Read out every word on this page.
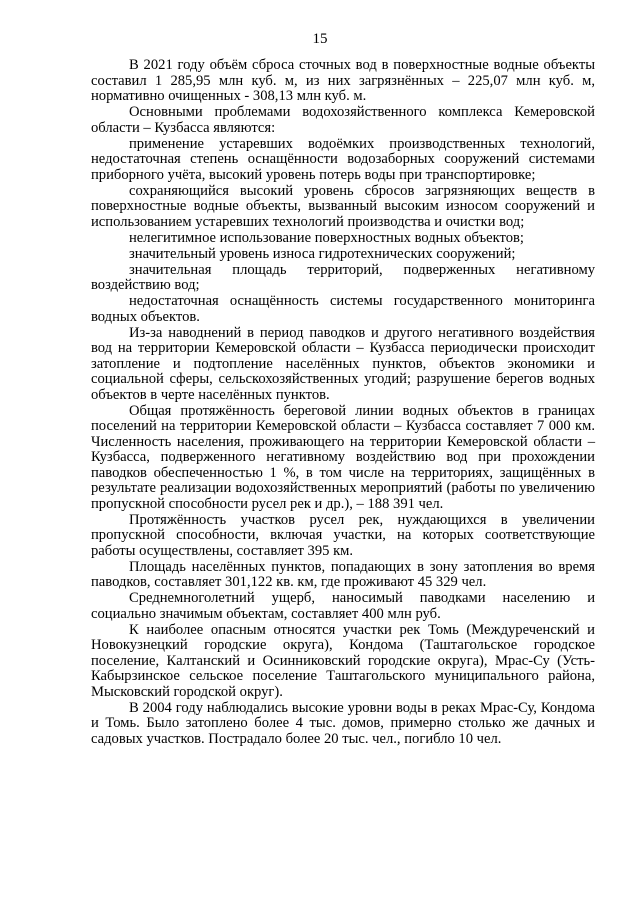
15

В 2021 году объём сброса сточных вод в поверхностные водные объекты составил 1 285,95 млн куб. м, из них загрязнённых – 225,07 млн куб. м, нормативно очищенных - 308,13 млн куб. м.

Основными проблемами водохозяйственного комплекса Кемеровской области – Кузбасса являются:

применение устаревших водоёмких производственных технологий, недостаточная степень оснащённости водозаборных сооружений системами приборного учёта, высокий уровень потерь воды при транспортировке;

сохраняющийся высокий уровень сбросов загрязняющих веществ в поверхностные водные объекты, вызванный высоким износом сооружений и использованием устаревших технологий производства и очистки вод;

нелегитимное использование поверхностных водных объектов;

значительный уровень износа гидротехнических сооружений;

значительная площадь территорий, подверженных негативному воздействию вод;

недостаточная оснащённость системы государственного мониторинга водных объектов.

Из-за наводнений в период паводков и другого негативного воздействия вод на территории Кемеровской области – Кузбасса периодически происходит затопление и подтопление населённых пунктов, объектов экономики и социальной сферы, сельскохозяйственных угодий; разрушение берегов водных объектов в черте населённых пунктов.

Общая протяжённость береговой линии водных объектов в границах поселений на территории Кемеровской области – Кузбасса составляет 7 000 км. Численность населения, проживающего на территории Кемеровской области – Кузбасса, подверженного негативному воздействию вод при прохождении паводков обеспеченностью 1 %, в том числе на территориях, защищённых в результате реализации водохозяйственных мероприятий (работы по увеличению пропускной способности русел рек и др.), – 188 391 чел.

Протяжённость участков русел рек, нуждающихся в увеличении пропускной способности, включая участки, на которых соответствующие работы осуществлены, составляет 395 км.

Площадь населённых пунктов, попадающих в зону затопления во время паводков, составляет 301,122 кв. км, где проживают 45 329 чел.

Среднемноголетний ущерб, наносимый паводками населению и социально значимым объектам, составляет 400 млн руб.

К наиболее опасным относятся участки рек Томь (Междуреченский и Новокузнецкий городские округа), Кондома (Таштагольское городское поселение, Калтанский и Осинниковский городские округа), Мрас-Су (Усть-Кабырзинское сельское поселение Таштагольского муниципального района, Мысковский городской округ).

В 2004 году наблюдались высокие уровни воды в реках Мрас-Су, Кондома и Томь. Было затоплено более 4 тыс. домов, примерно столько же дачных и садовых участков. Пострадало более 20 тыс. чел., погибло 10 чел.
